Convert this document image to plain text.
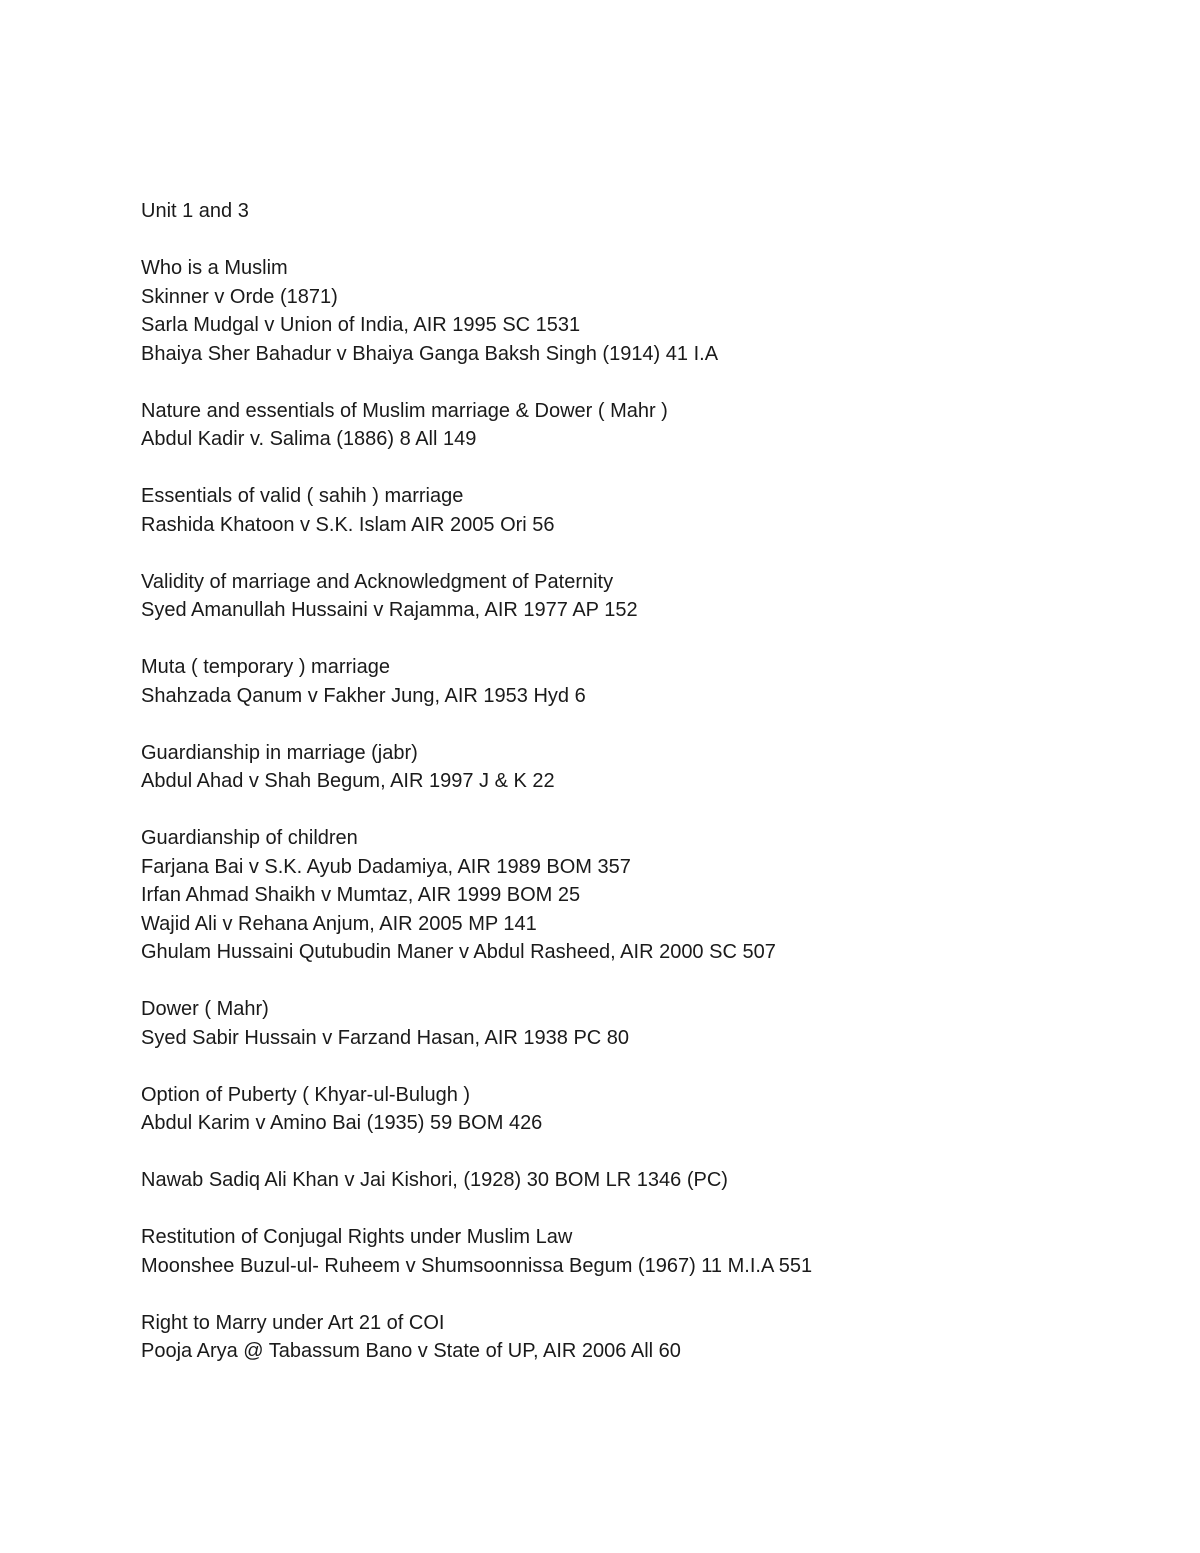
Unit 1 and 3
Who is a Muslim
Skinner v Orde (1871)
Sarla Mudgal v Union of India, AIR 1995 SC 1531
Bhaiya Sher Bahadur v Bhaiya Ganga Baksh Singh (1914) 41 I.A
Nature and essentials of Muslim marriage & Dower ( Mahr )
Abdul Kadir v. Salima (1886) 8 All 149
Essentials of valid ( sahih ) marriage
Rashida Khatoon v S.K. Islam AIR 2005 Ori 56
Validity of marriage and Acknowledgment of Paternity
Syed Amanullah Hussaini v Rajamma, AIR 1977 AP 152
Muta ( temporary ) marriage
Shahzada Qanum v Fakher Jung, AIR 1953 Hyd 6
Guardianship in marriage (jabr)
Abdul Ahad v Shah Begum, AIR 1997 J & K 22
Guardianship of children
Farjana Bai v S.K. Ayub Dadamiya, AIR 1989 BOM 357
Irfan Ahmad Shaikh v Mumtaz, AIR 1999 BOM 25
Wajid Ali v Rehana Anjum, AIR 2005 MP 141
Ghulam Hussaini Qutubudin Maner v Abdul Rasheed, AIR 2000 SC 507
Dower ( Mahr)
Syed Sabir Hussain v Farzand Hasan, AIR 1938 PC 80
Option of Puberty ( Khyar-ul-Bulugh )
Abdul Karim v Amino Bai (1935) 59 BOM 426
Nawab Sadiq Ali Khan v Jai Kishori, (1928) 30 BOM LR 1346 (PC)
Restitution of Conjugal Rights under Muslim Law
Moonshee Buzul-ul- Ruheem v Shumsoonnissa Begum (1967) 11 M.I.A 551
Right to Marry under Art 21 of COI
Pooja Arya @ Tabassum Bano v State of UP, AIR 2006 All 60
